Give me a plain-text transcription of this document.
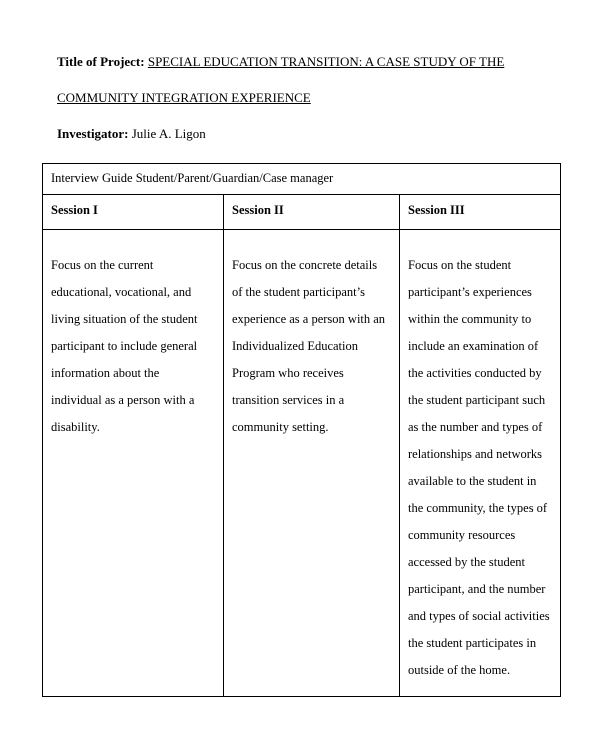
Title of Project: SPECIAL EDUCATION TRANSITION: A CASE STUDY OF THE

COMMUNITY INTEGRATION EXPERIENCE

Investigator: Julie A. Ligon

Interview Guide Student/Parent/Guardian/Case manager		
Session I	Session II	Session III
Focus on the current educational, vocational, and living situation of the student participant to include general information about the individual as a person with a disability.	Focus on the concrete details of the student participant’s experience as a person with an Individualized Education Program who receives transition services in a community setting.	Focus on the student participant’s experiences within the community to include an examination of the activities conducted by the student participant such as the number and types of relationships and networks available to the student in the community, the types of community resources accessed by the student participant, and the number and types of social activities the student participates in outside of the home.
